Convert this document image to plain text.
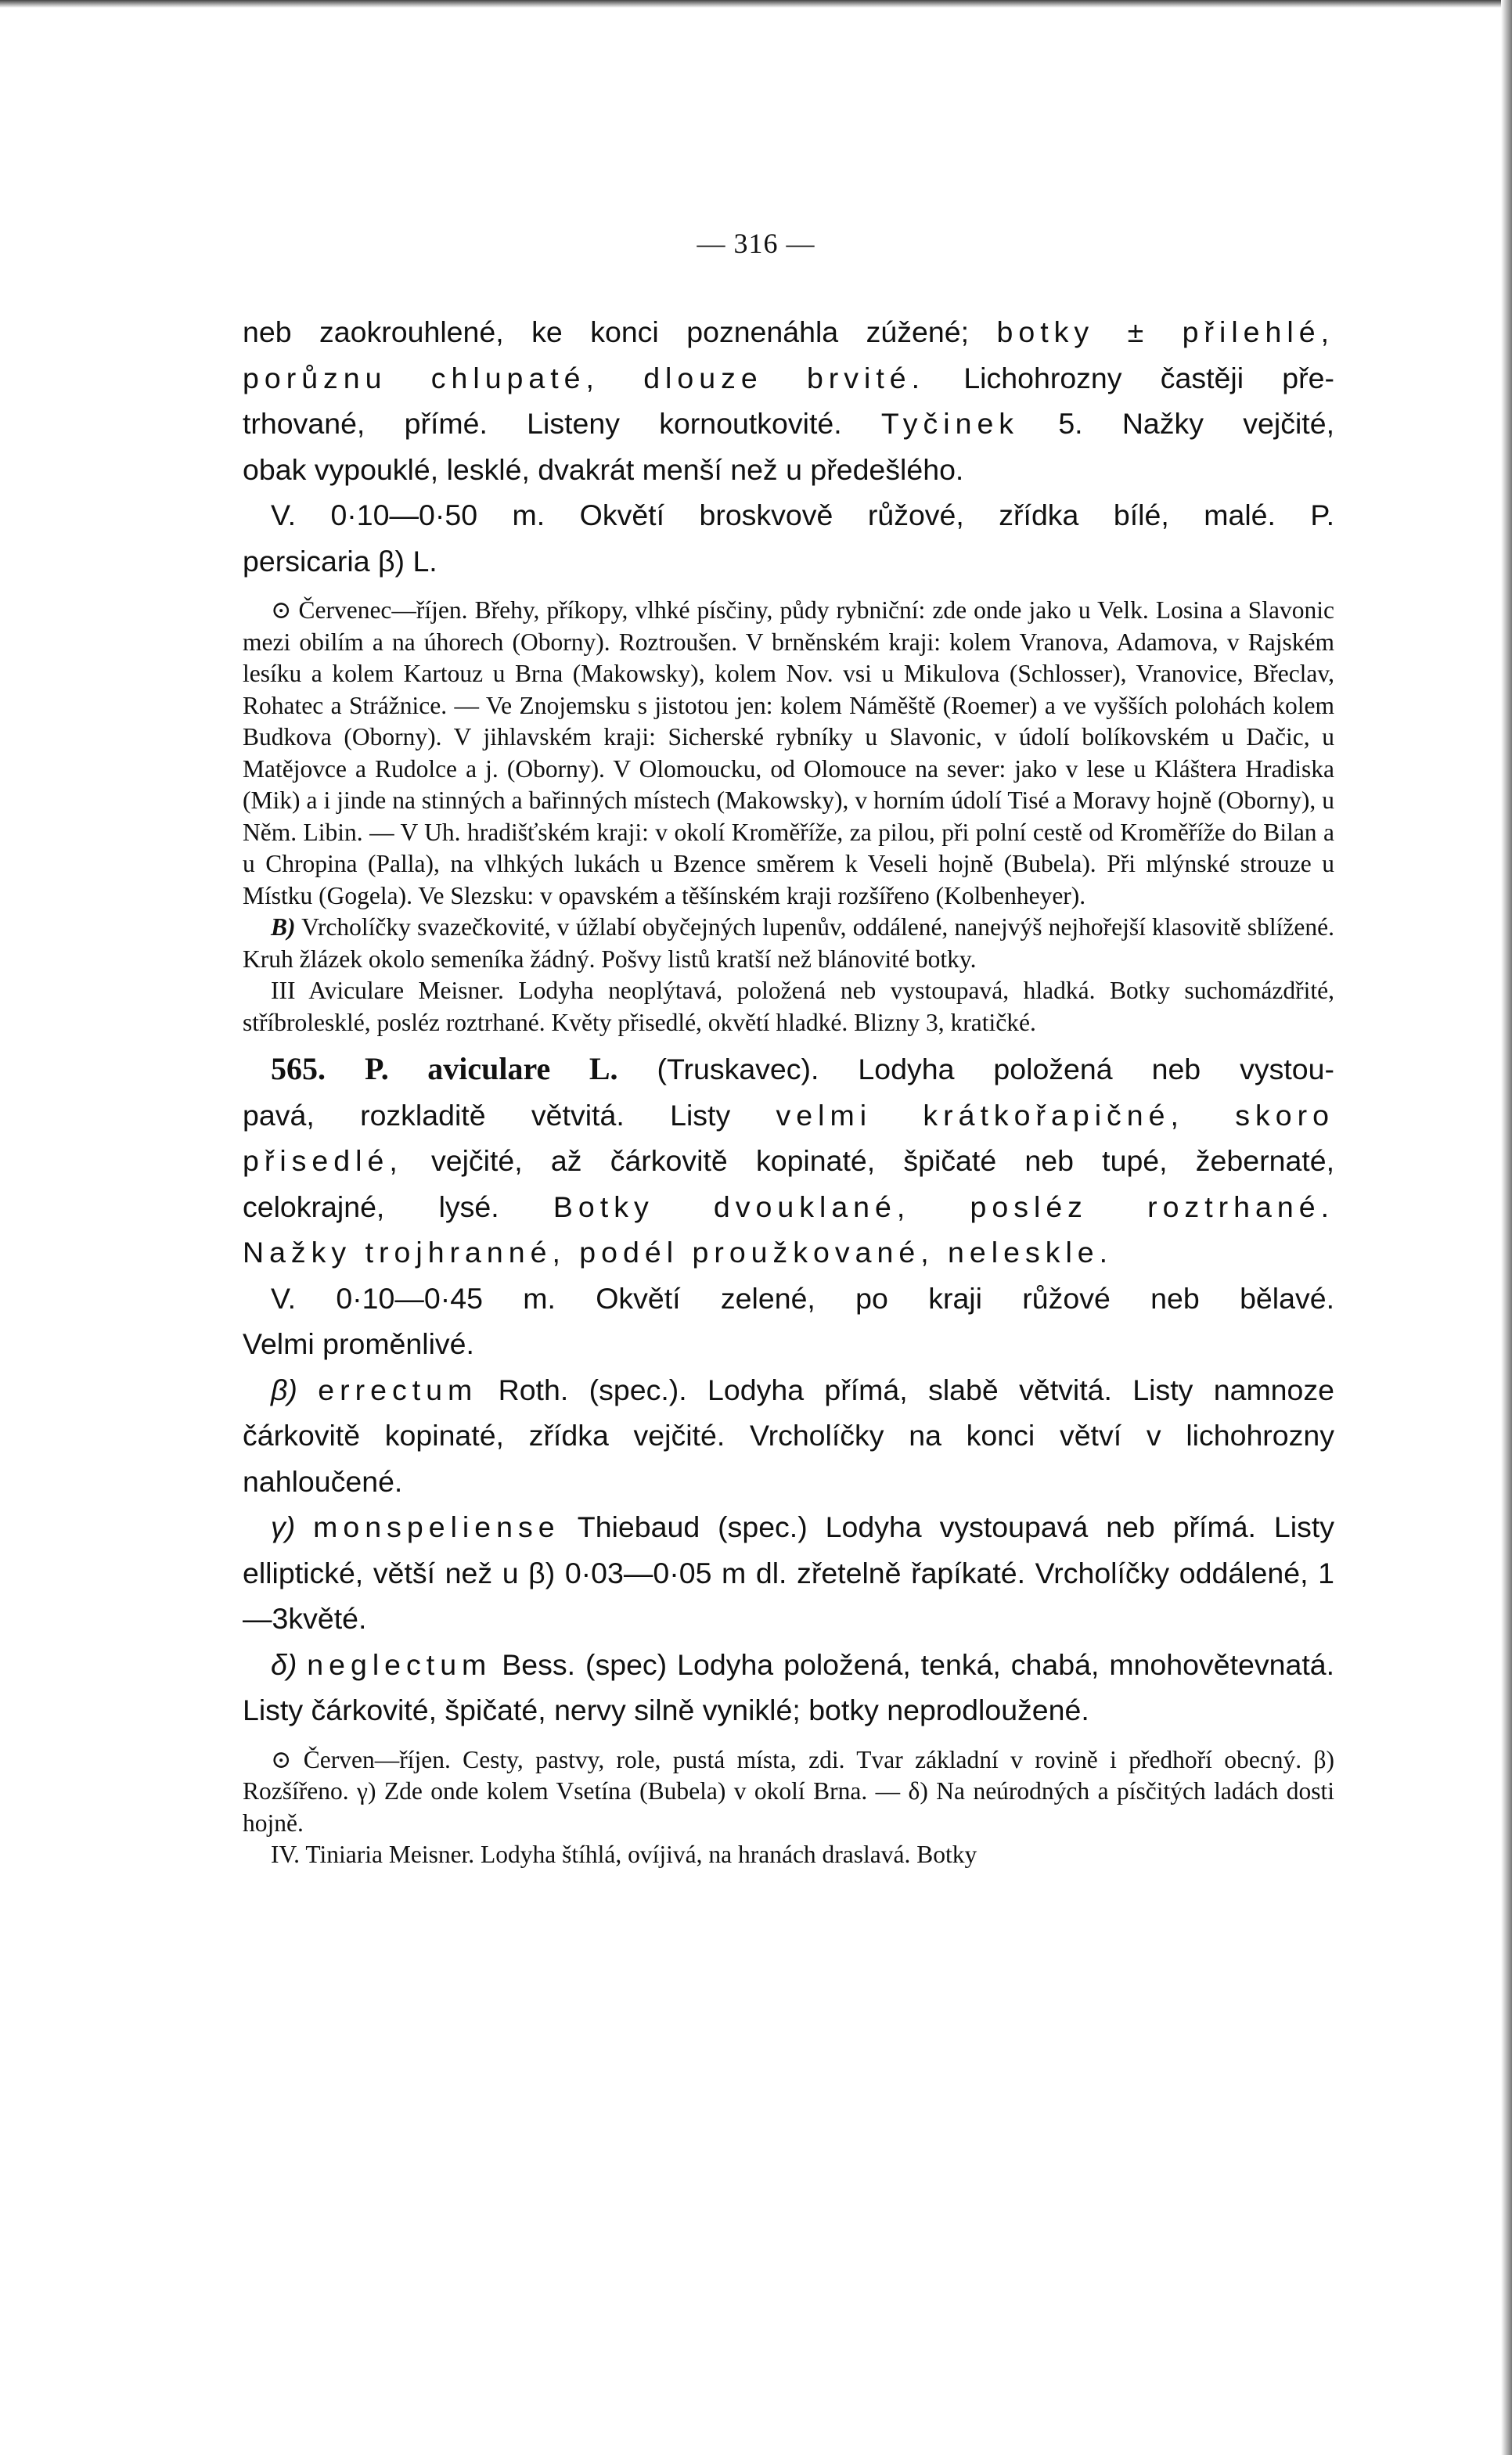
— 316 —
neb zaokrouhlené, ke konci poznenáhla zúžené; botky ± přilehlé,
porůznu chlupaté, dlouze brvité. Lichohrozny častěji pře-
trhované, přímé. Listeny kornoutkovité. Tyčinek 5. Nažky vejčité,
obak vypouklé, lesklé, dvakrát menší než u předešlého.
V. 0·10—0·50 m. Okvětí broskvově růžové, zřídka bílé, malé. P.
persicaria β) L.

⊙ Červenec—říjen. Břehy, příkopy, vlhké písčiny, půdy rybniční: zde onde jako u Velk. Losina a Slavonic mezi obilím a na úhorech (Oborny). Roztroušen. V brněnském kraji: kolem Vranova, Adamova, v Rajském lesíku a kolem Kartouz u Brna (Makowsky), kolem Nov. vsi u Mikulova (Schlosser), Vranovice, Břeclav, Rohatec a Strážnice. — Ve Znojemsku s jistotou jen: kolem Náměště (Roemer) a ve vyšších polohách kolem Budkova (Oborny). V jihlavském kraji: Sicherské rybníky u Slavonic, v údolí bolíkovském u Dačic, u Matějovce a Rudolce a j. (Oborny). V Olomoucku, od Olomouce na sever: jako v lese u Kláštera Hradiska (Mik) a i jinde na stinných a bařinných místech (Makowsky), v horním údolí Tisé a Moravy hojně (Oborny), u Něm. Libin. — V Uh. hradišťském kraji: v okolí Kroměříže, za pilou, při polní cestě od Kroměříže do Bilan a u Chropina (Palla), na vlhkých lukách u Bzence směrem k Veseli hojně (Bubela). Při mlýnské strouze u Místku (Gogela). Ve Slezsku: v opavském a těšínském kraji rozšířeno (Kolbenheyer).

B) Vrcholíčky svazečkovité, v úžlabí obyčejných lupenův, oddálené, nanejvýš nejhořejší klasovitě sblížené. Kruh žlázek okolo semeníka žádný. Pošvy listů kratší než blánovité botky.

III Aviculare Meisner. Lodyha neoplýtavá, položená neb vystoupavá, hladká. Botky suchomázdřité, stříbrolesklé, posléz roztrhané. Květy přisedlé, okvětí hladké. Blizny 3, kratičké.

565. P. aviculare L. (Truskavec). Lodyha položená neb vystou-
pavá, rozkladitě větvitá. Listy velmi krátkořapičné, skoro
přisedlé, vejčité, až čárkovitě kopinaté, špičaté neb tupé, žebernaté,
celokrajné, lysé. Botky dvouklané, posléz roztrhané.
Nažky trojhranné, podél proužkované, neleskle.
V. 0·10—0·45 m. Okvětí zelené, po kraji růžové neb bělavé.
Velmi proměnlivé.
β) errectum Roth. (spec.). Lodyha přímá, slabě větvitá. Listy namnoze čárkovitě kopinaté, zřídka vejčité. Vrcholíčky na konci větví v lichohrozny nahloučené.
γ) monspeliense Thiebaud (spec.) Lodyha vystoupavá neb přímá. Listy elliptické, větší než u β) 0·03—0·05 m dl. zřetelně řapíkaté. Vrcholíčky oddálené, 1—3květé.
δ) neglectum Bess. (spec) Lodyha položená, tenká, chabá, mnohovětevnatá. Listy čárkovité, špičaté, nervy silně vyniklé; botky neprodloužené.

⊙ Červen—říjen. Cesty, pastvy, role, pustá místa, zdi. Tvar základní v rovině i předhoří obecný. β) Rozšířeno. γ) Zde onde kolem Vsetína (Bubela) v okolí Brna. — δ) Na neúrodných a písčitých ladách dosti hojně.

IV. Tiniaria Meisner. Lodyha štíhlá, ovíjivá, na hranách draslavá. Botky
